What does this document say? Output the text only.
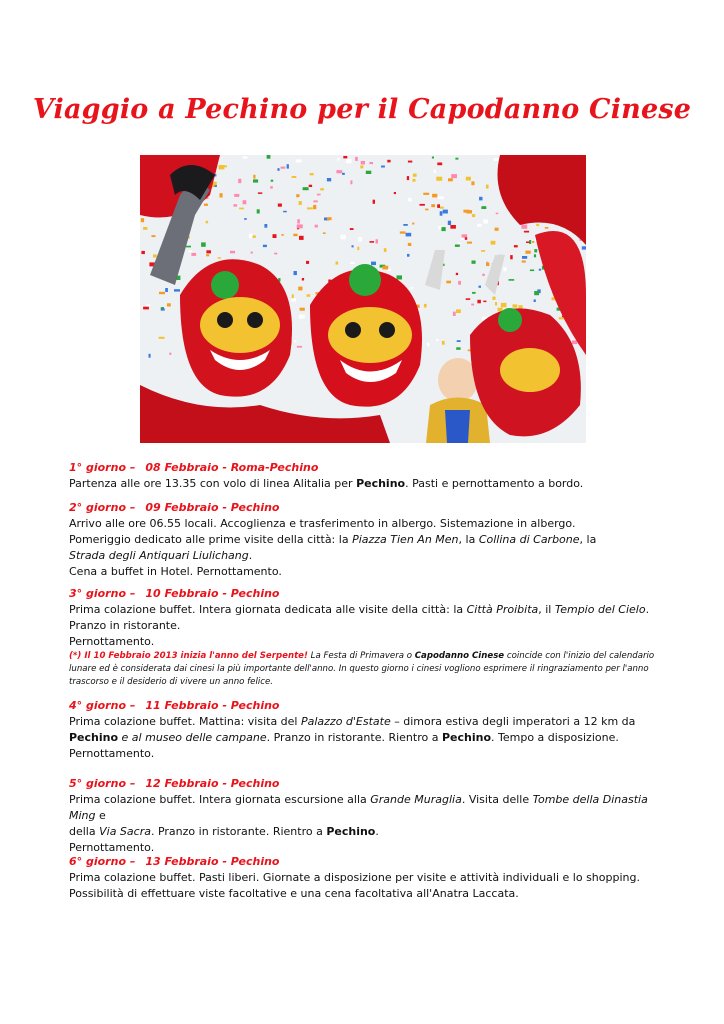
Viaggio a Pechino per il Capodanno Cinese

1° giorno – 08 Febbraio - Roma-Pechino

Partenza alle ore 13.35 con volo di linea Alitalia per Pechino. Pasti e pernottamento a bordo.

2° giorno – 09 Febbraio - Pechino

Arrivo alle ore 06.55 locali. Accoglienza e trasferimento in albergo. Sistemazione in albergo.

Pomeriggio dedicato alle prime visite della città: la Piazza Tien An Men, la Collina di Carbone, la Strada degli Antiquari Liulichang.

Cena a buffet in Hotel. Pernottamento.

3° giorno – 10 Febbraio - Pechino

Prima colazione buffet. Intera giornata dedicata alle visite della città: la Città Proibita, il Tempio del Cielo.

Pranzo in ristorante.

Pernottamento.

(*) Il 10 Febbraio 2013 inizia l'anno del Serpente! La Festa di Primavera o Capodanno Cinese coincide con l'inizio del calendario lunare ed è considerata dai cinesi la più importante dell'anno. In questo giorno i cinesi vogliono esprimere il ringraziamento per l'anno trascorso e il desiderio di vivere un anno felice.

4° giorno – 11 Febbraio - Pechino

Prima colazione buffet. Mattina: visita del Palazzo d'Estate – dimora estiva degli imperatori a 12 km da

Pechino e al museo delle campane. Pranzo in ristorante. Rientro a Pechino. Tempo a disposizione.

Pernottamento.

5° giorno – 12 Febbraio - Pechino

Prima colazione buffet. Intera giornata escursione alla Grande Muraglia. Visita delle Tombe della Dinastia Ming e

della Via Sacra. Pranzo in ristorante. Rientro a Pechino.

Pernottamento.

6° giorno – 13 Febbraio - Pechino

Prima colazione buffet. Pasti liberi. Giornate a disposizione per visite e attività individuali e lo shopping.

Possibilità di effettuare viste facoltative e una cena facoltativa all'Anatra Laccata.
